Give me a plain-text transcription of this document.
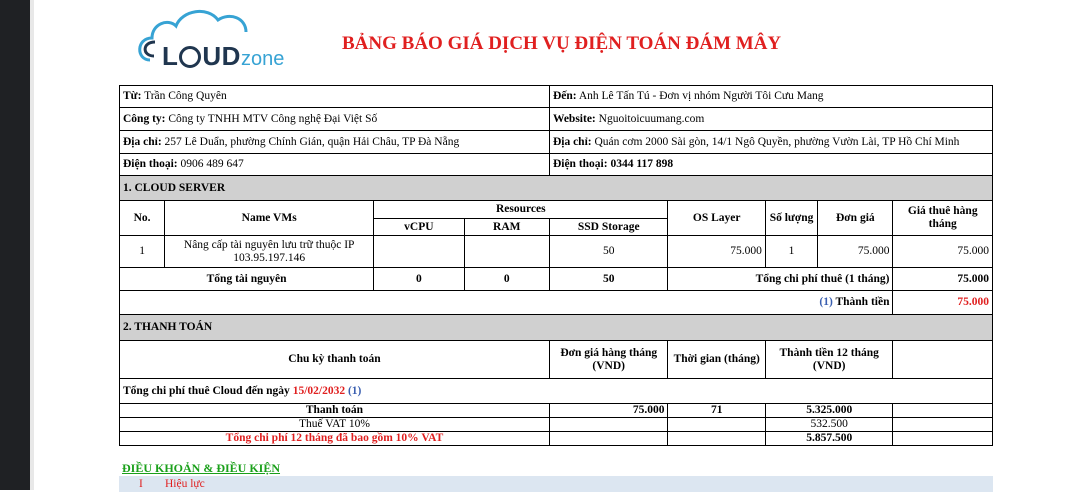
L UDzone
BẢNG BÁO GIÁ DỊCH VỤ ĐIỆN TOÁN ĐÁM MÂY
Từ: Trần Công Quyên				Đến: Anh Lê Tấn Tú - Đơn vị nhóm Người Tôi Cưu Mang				
Công ty: Công ty TNHH MTV Công nghệ Đại Việt Số				Website: Nguoitoicuumang.com				
Địa chỉ: 257 Lê Duẩn, phường Chính Gián, quận Hải Châu, TP Đà Nẵng				Địa chỉ: Quán cơm 2000 Sài gòn, 14/1 Ngô Quyền, phường Vườn Lài, TP Hồ Chí Minh				
Điện thoại: 0906 489 647				Điện thoại: 0344 117 898				
1. CLOUD SERVER								
No.	Name VMs	Resources			OS Layer	Số lượng	Đơn giá	Giá thuê hàng tháng
		vCPU	RAM	SSD Storage				
1	Nâng cấp tài nguyên lưu trữ thuộc IP 103.95.197.146			50	75.000	1	75.000	75.000
Tổng tài nguyên		0	0	50	Tổng chi phí thuê (1 tháng)			75.000
(1) Thành tiền								75.000
2. THANH TOÁN								
Chu kỳ thanh toán				Đơn giá hàng tháng (VND)	Thời gian (tháng)	Thành tiền 12 tháng (VND)		
Tổng chi phí thuê Cloud đến ngày 15/02/2032 (1)								
Thanh toán				75.000	71	5.325.000		
Thuế VAT 10%						532.500		
Tổng chi phí 12 tháng đã bao gồm 10% VAT						5.857.500		
ĐIỀU KHOẢN & ĐIỀU KIỆN
I Hiệu lực
